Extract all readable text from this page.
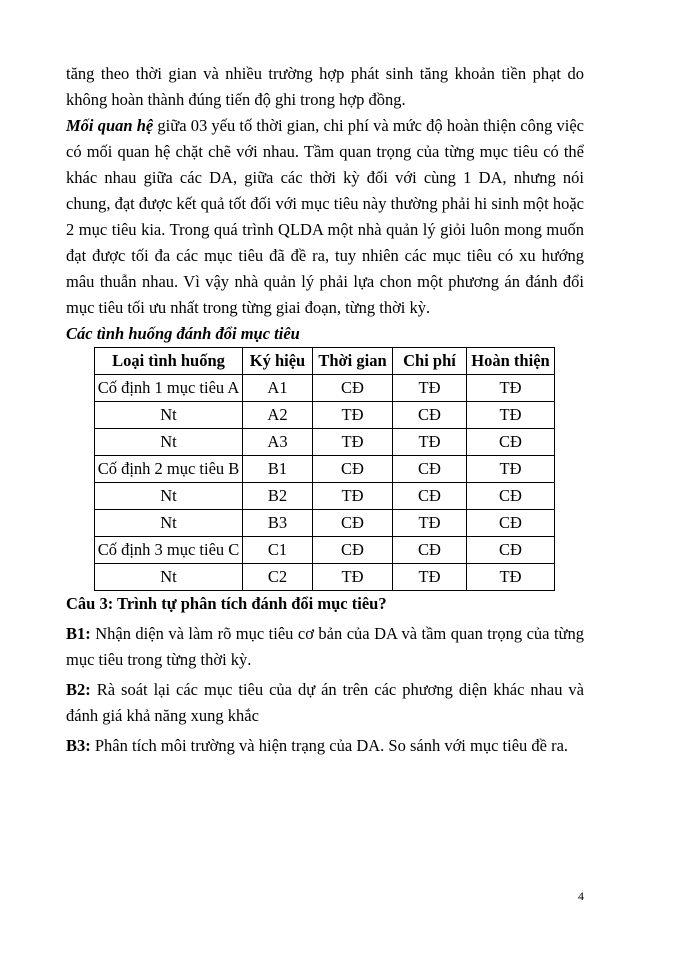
tăng theo thời gian và nhiều trường hợp phát sinh tăng khoản tiền phạt do không hoàn thành đúng tiến độ ghi trong hợp đồng.

Mối quan hệ giữa 03 yếu tố thời gian, chi phí và mức độ hoàn thiện công việc có mối quan hệ chặt chẽ với nhau. Tầm quan trọng của từng mục tiêu có thể khác nhau giữa các DA, giữa các thời kỳ đối với cùng 1 DA, nhưng nói chung, đạt được kết quả tốt đối với mục tiêu này thường phải hi sinh một hoặc 2 mục tiêu kia. Trong quá trình QLDA một nhà quản lý giỏi luôn mong muốn đạt được tối đa các mục tiêu đã đề ra, tuy nhiên các mục tiêu có xu hướng mâu thuẫn nhau. Vì vậy nhà quản lý phải lựa chon một phương án đánh đổi mục tiêu tối ưu nhất trong từng giai đoạn, từng thời kỳ.

Các tình huống đánh đổi mục tiêu

Loại tình huống	Ký hiệu	Thời gian	Chi phí	Hoàn thiện
Cố định 1 mục tiêu A	A1	CĐ	TĐ	TĐ
Nt	A2	TĐ	CĐ	TĐ
Nt	A3	TĐ	TĐ	CĐ
Cố định 2 mục tiêu B	B1	CĐ	CĐ	TĐ
Nt	B2	TĐ	CĐ	CĐ
Nt	B3	CĐ	TĐ	CĐ
Cố định 3 mục tiêu C	C1	CĐ	CĐ	CĐ
Nt	C2	TĐ	TĐ	TĐ

Câu 3: Trình tự phân tích đánh đổi mục tiêu?

B1: Nhận diện và làm rõ mục tiêu cơ bản của DA và tầm quan trọng của từng mục tiêu trong từng thời kỳ.

B2: Rà soát lại các mục tiêu của dự án trên các phương diện khác nhau và đánh giá khả năng xung khắc

B3: Phân tích môi trường và hiện trạng của DA. So sánh với mục tiêu đề ra.

4
